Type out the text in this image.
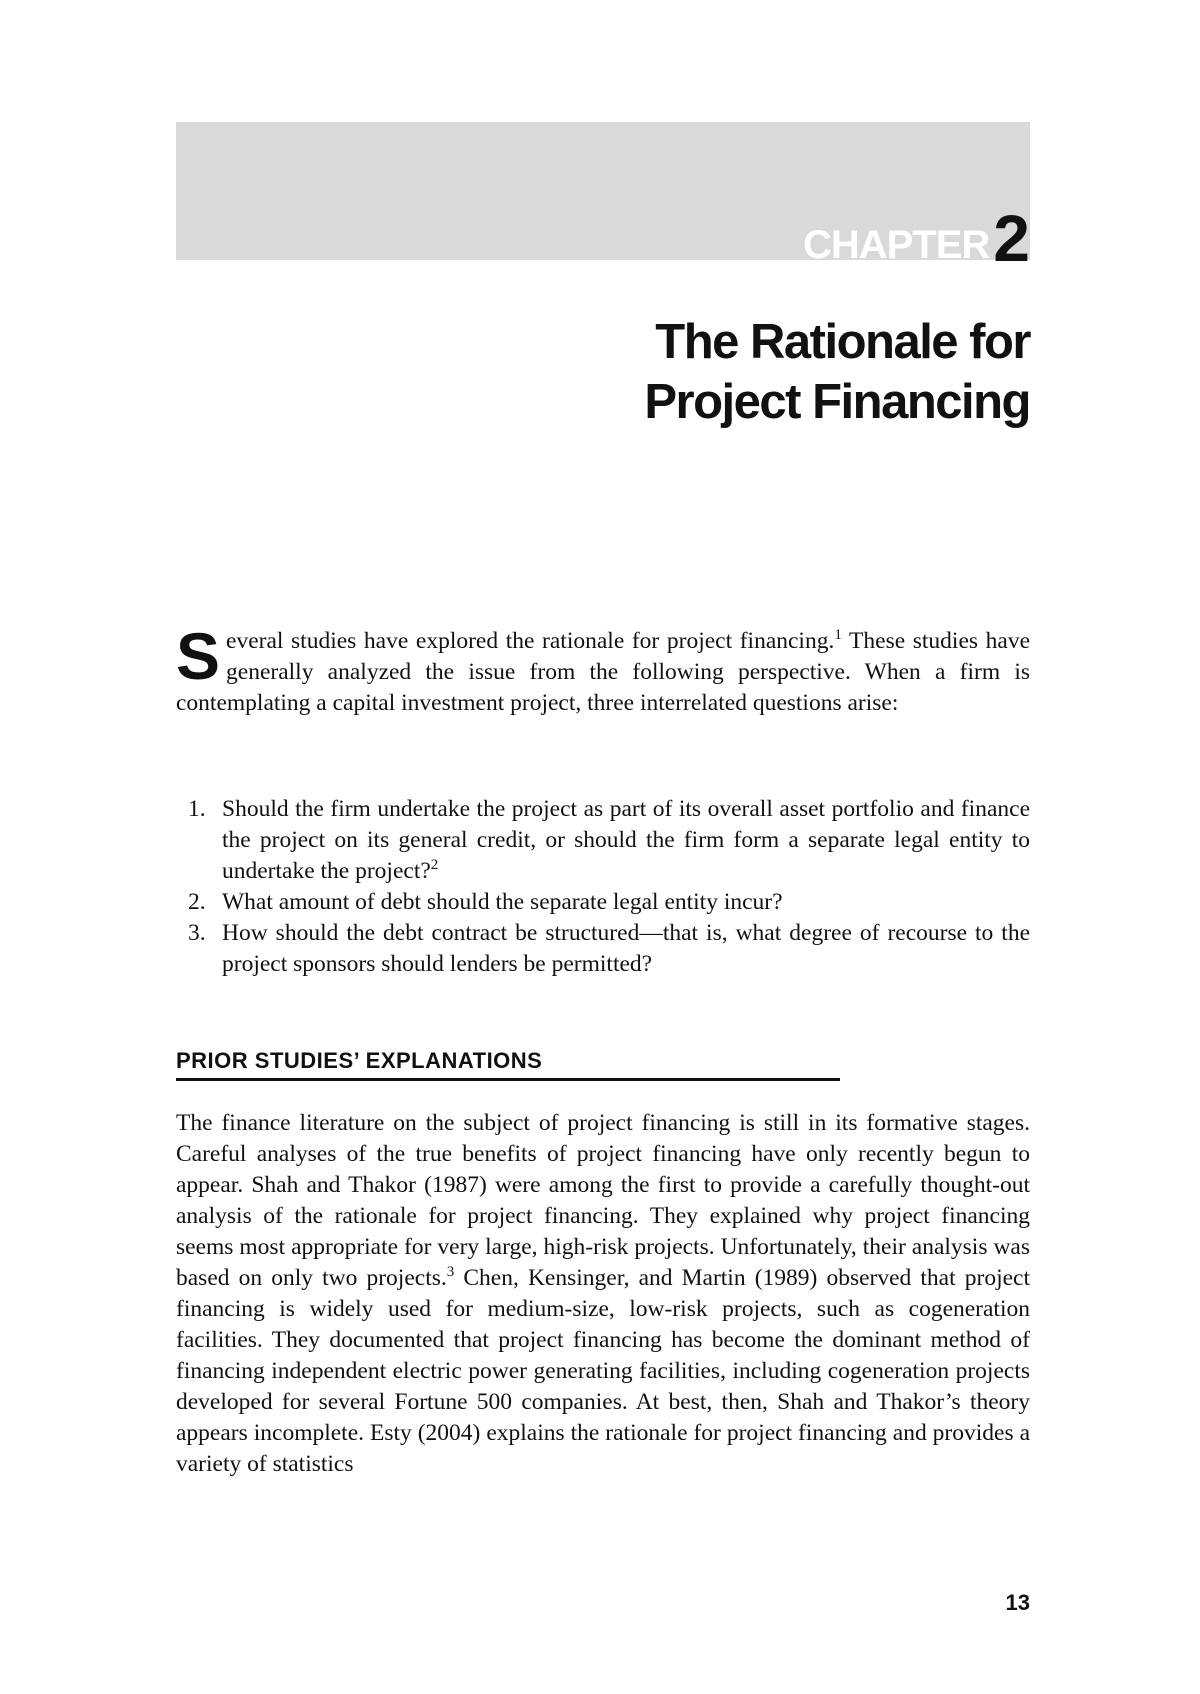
CHAPTER 2
The Rationale for
Project Financing
Several studies have explored the rationale for project financing.$^1$ These studies have generally analyzed the issue from the following perspective. When a firm is contemplating a capital investment project, three interrelated questions arise:
1. Should the firm undertake the project as part of its overall asset portfolio and finance the project on its general credit, or should the firm form a separate legal entity to undertake the project?$^2$
2. What amount of debt should the separate legal entity incur?
3. How should the debt contract be structured—that is, what degree of recourse to the project sponsors should lenders be permitted?
PRIOR STUDIES’ EXPLANATIONS
The finance literature on the subject of project financing is still in its formative stages. Careful analyses of the true benefits of project financing have only recently begun to appear. Shah and Thakor (1987) were among the first to provide a carefully thought-out analysis of the rationale for project financing. They explained why project financing seems most appropriate for very large, high-risk projects. Unfortunately, their analysis was based on only two projects.$^3$ Chen, Kensinger, and Martin (1989) observed that project financing is widely used for medium-size, low-risk projects, such as cogeneration facilities. They documented that project financing has become the dominant method of financing independent electric power generating facilities, including cogeneration projects developed for several Fortune 500 companies. At best, then, Shah and Thakor’s theory appears incomplete. Esty (2004) explains the rationale for project financing and provides a variety of statistics
13
